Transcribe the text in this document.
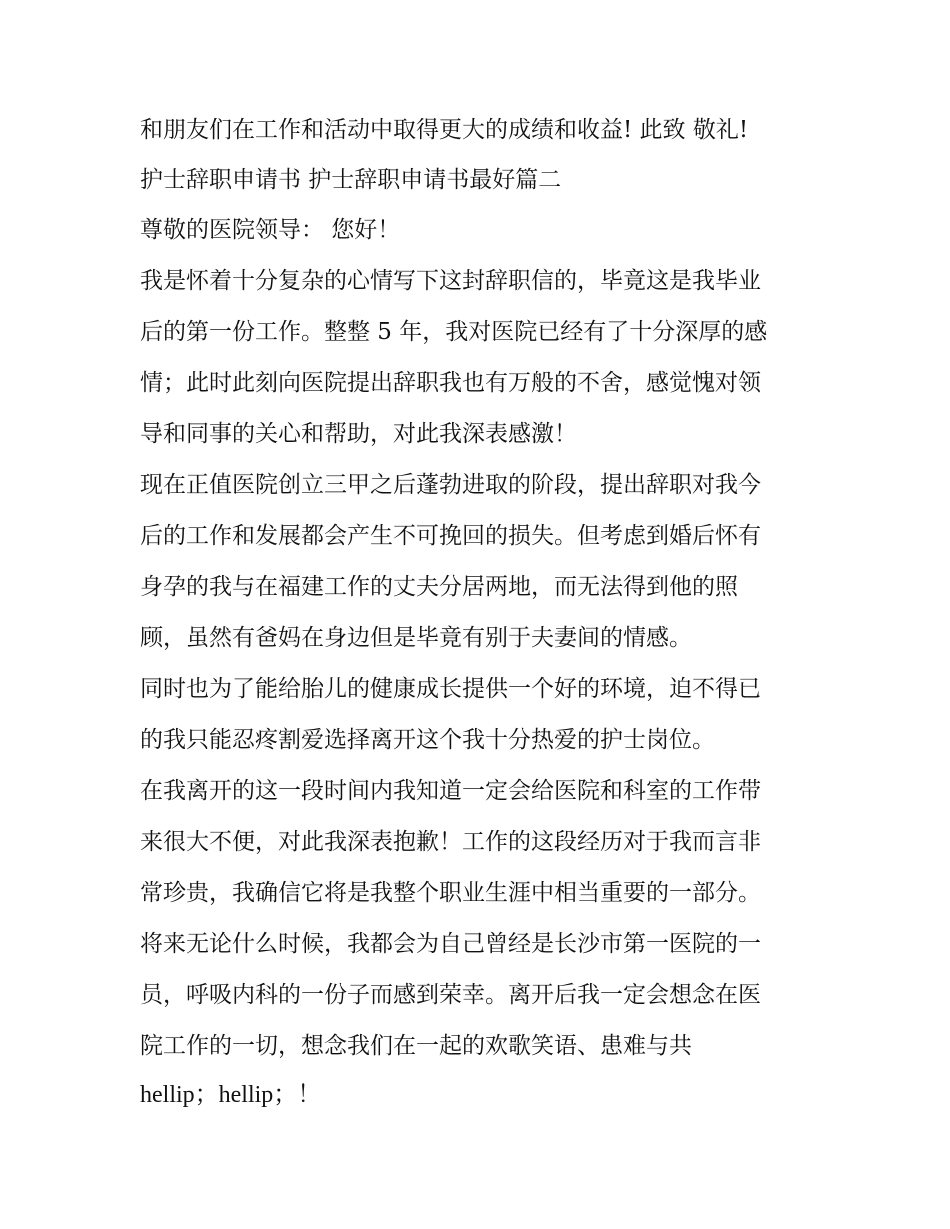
和朋友们在工作和活动中取得更大的成绩和收益! 此致 敬礼!
护士辞职申请书 护士辞职申请书最好篇二
尊敬的医院领导： 您好！
我是怀着十分复杂的心情写下这封辞职信的，毕竟这是我毕业
后的第一份工作。整整 5 年，我对医院已经有了十分深厚的感
情；此时此刻向医院提出辞职我也有万般的不舍，感觉愧对领
导和同事的关心和帮助，对此我深表感激！
现在正值医院创立三甲之后蓬勃进取的阶段，提出辞职对我今
后的工作和发展都会产生不可挽回的损失。但考虑到婚后怀有
身孕的我与在福建工作的丈夫分居两地，而无法得到他的照
顾，虽然有爸妈在身边但是毕竟有别于夫妻间的情感。
同时也为了能给胎儿的健康成长提供一个好的环境，迫不得已
的我只能忍疼割爱选择离开这个我十分热爱的护士岗位。
在我离开的这一段时间内我知道一定会给医院和科室的工作带
来很大不便，对此我深表抱歉！工作的这段经历对于我而言非
常珍贵，我确信它将是我整个职业生涯中相当重要的一部分。
将来无论什么时候，我都会为自己曾经是长沙市第一医院的一
员，呼吸内科的一份子而感到荣幸。离开后我一定会想念在医
院工作的一切，想念我们在一起的欢歌笑语、患难与共
hellip；hellip；！
